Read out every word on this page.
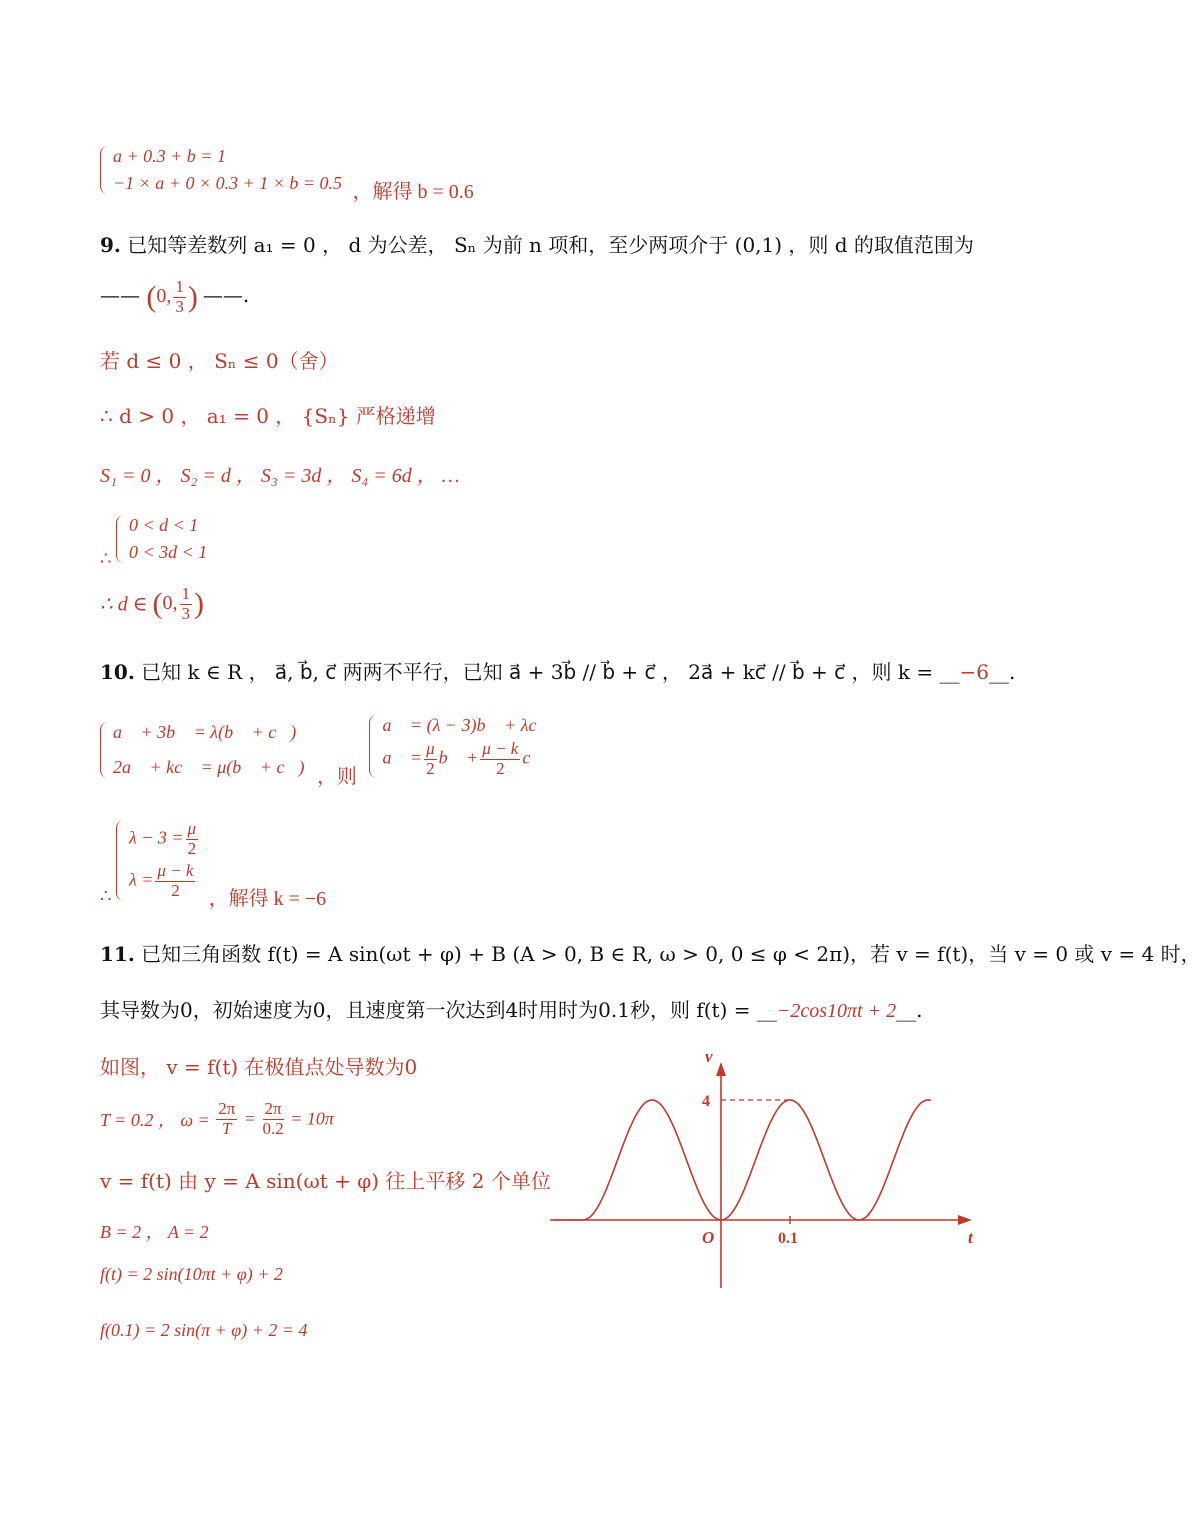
a + 0.3 + b = 1
−1 × a + 0 × 0.3 + 1 × b = 0.5 ，解得 b = 0.6
9. 已知等差数列 a₁ = 0 ， d 为公差， Sₙ 为前 n 项和，至少两项介于 (0,1) ，则 d 的取值范围为
—— (0, $\frac{1}{3}$ ) ——.
若 d ≤ 0 ， Sₙ ≤ 0（舍）
∴ d > 0 ， a₁ = 0 ， {Sₙ} 严格递增
S₁ = 0 ， S₂ = d ， S₃ = 3d ， S₄ = 6d ， …
∴
0 < d < 1
0 < 3d < 1
∴ d ∈ (0, $\frac{1}{3}$ )
10. 已知 k ∈ R ， a⃗, b⃗, c⃗ 两两不平行，已知 a⃗ + 3b⃗ // b⃗ + c⃗ ， 2a⃗ + kc⃗ // b⃗ + c⃗ ，则 k = __−6__.
a⃗ + 3b⃗ = λ(b⃗ + c⃗)
2a⃗ + kc⃗ = μ(b⃗ + c⃗) ，则
a⃗ = (λ − 3)b⃗ + λc⃗
a⃗ = $\frac{\mu}{2}$ b⃗ + $\frac{\mu - k}{2}$ c⃗
∴
$\lambda - 3 = \frac{\mu}{2}$
$\lambda = \frac{\mu - k}{2}$ ，解得 k = −6
11. 已知三角函数 f(t) = A sin(ωt + φ) + B (A > 0, B ∈ R, ω > 0, 0 ≤ φ < 2π)，若 v = f(t)，当 v = 0 或 v = 4 时，
其导数为0，初始速度为0，且速度第一次达到4时用时为0.1秒，则 f(t) = __−2cos10πt + 2__.
如图， v = f(t) 在极值点处导数为0
T = 0.2 ， $\omega = \frac{2\pi}{T} = \frac{2\pi}{0.2} = 10\pi$
v = f(t) 由 y = A sin(ωt + φ) 往上平移 2 个单位
B = 2 ， A = 2
f(t) = 2 sin(10πt + φ) + 2
f(0.1) = 2 sin(π + φ) + 2 = 4
v
t
O	0.1
4
